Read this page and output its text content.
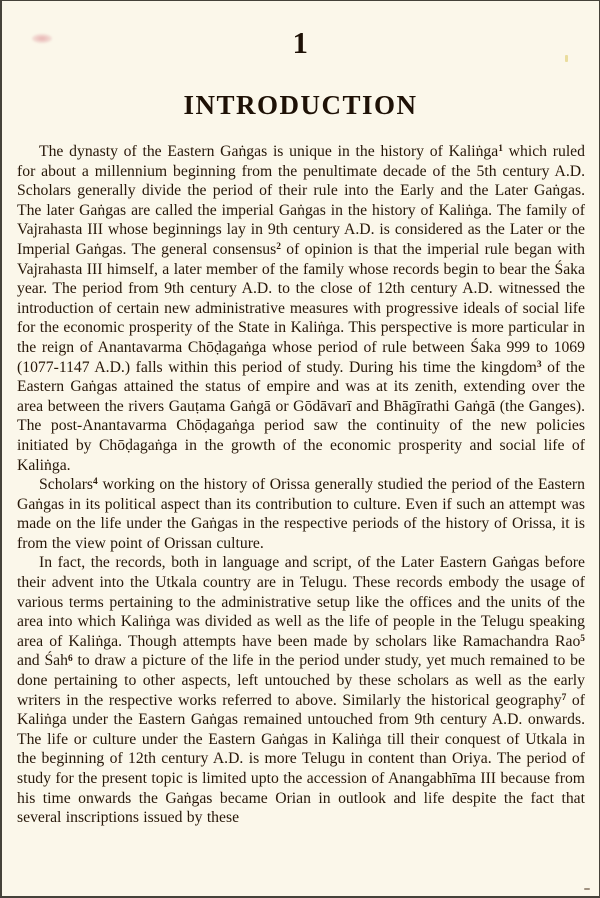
1
INTRODUCTION

The dynasty of the Eastern Gaṅgas is unique in the history of Kaliṅga$^1$ which ruled for about a millennium beginning from the penultimate decade of the 5th century A.D. Scholars generally divide the period of their rule into the Early and the Later Gaṅgas. The later Gaṅgas are called the imperial Gaṅgas in the history of Kaliṅga. The family of Vajrahasta III whose beginnings lay in 9th century A.D. is considered as the Later or the Imperial Gaṅgas. The general consensus$^2$ of opinion is that the imperial rule began with Vajrahasta III himself, a later member of the family whose records begin to bear the Śaka year. The period from 9th century A.D. to the close of 12th century A.D. witnessed the introduction of certain new administrative measures with progressive ideals of social life for the economic prosperity of the State in Kaliṅga. This perspective is more particular in the reign of Anantavarma Chōḍagaṅga whose period of rule between Śaka 999 to 1069 (1077-1147 A.D.) falls within this period of study. During his time the kingdom$^3$ of the Eastern Gaṅgas attained the status of empire and was at its zenith, extending over the area between the rivers Gauṭama Gaṅgā or Gōdāvarī and Bhāgīrathi Gaṅgā (the Ganges). The post-Anantavarma Chōḍagaṅga period saw the continuity of the new policies initiated by Chōḍagaṅga in the growth of the economic prosperity and social life of Kaliṅga.

Scholars$^4$ working on the history of Orissa generally studied the period of the Eastern Gaṅgas in its political aspect than its contribution to culture. Even if such an attempt was made on the life under the Gaṅgas in the respective periods of the history of Orissa, it is from the view point of Orissan culture.

In fact, the records, both in language and script, of the Later Eastern Gaṅgas before their advent into the Utkala country are in Telugu. These records embody the usage of various terms pertaining to the administrative setup like the offices and the units of the area into which Kaliṅga was divided as well as the life of people in the Telugu speaking area of Kaliṅga. Though attempts have been made by scholars like Ramachandra Rao$^5$ and Śah$^6$ to draw a picture of the life in the period under study, yet much remained to be done pertaining to other aspects, left untouched by these scholars as well as the early writers in the respective works referred to above. Similarly the historical geography$^7$ of Kaliṅga under the Eastern Gaṅgas remained untouched from 9th century A.D. onwards. The life or culture under the Eastern Gaṅgas in Kaliṅga till their conquest of Utkala in the beginning of 12th century A.D. is more Telugu in content than Oriya. The period of study for the present topic is limited upto the accession of Anangabhīma III because from his time onwards the Gaṅgas became Orian in outlook and life despite the fact that several inscriptions issued by these
